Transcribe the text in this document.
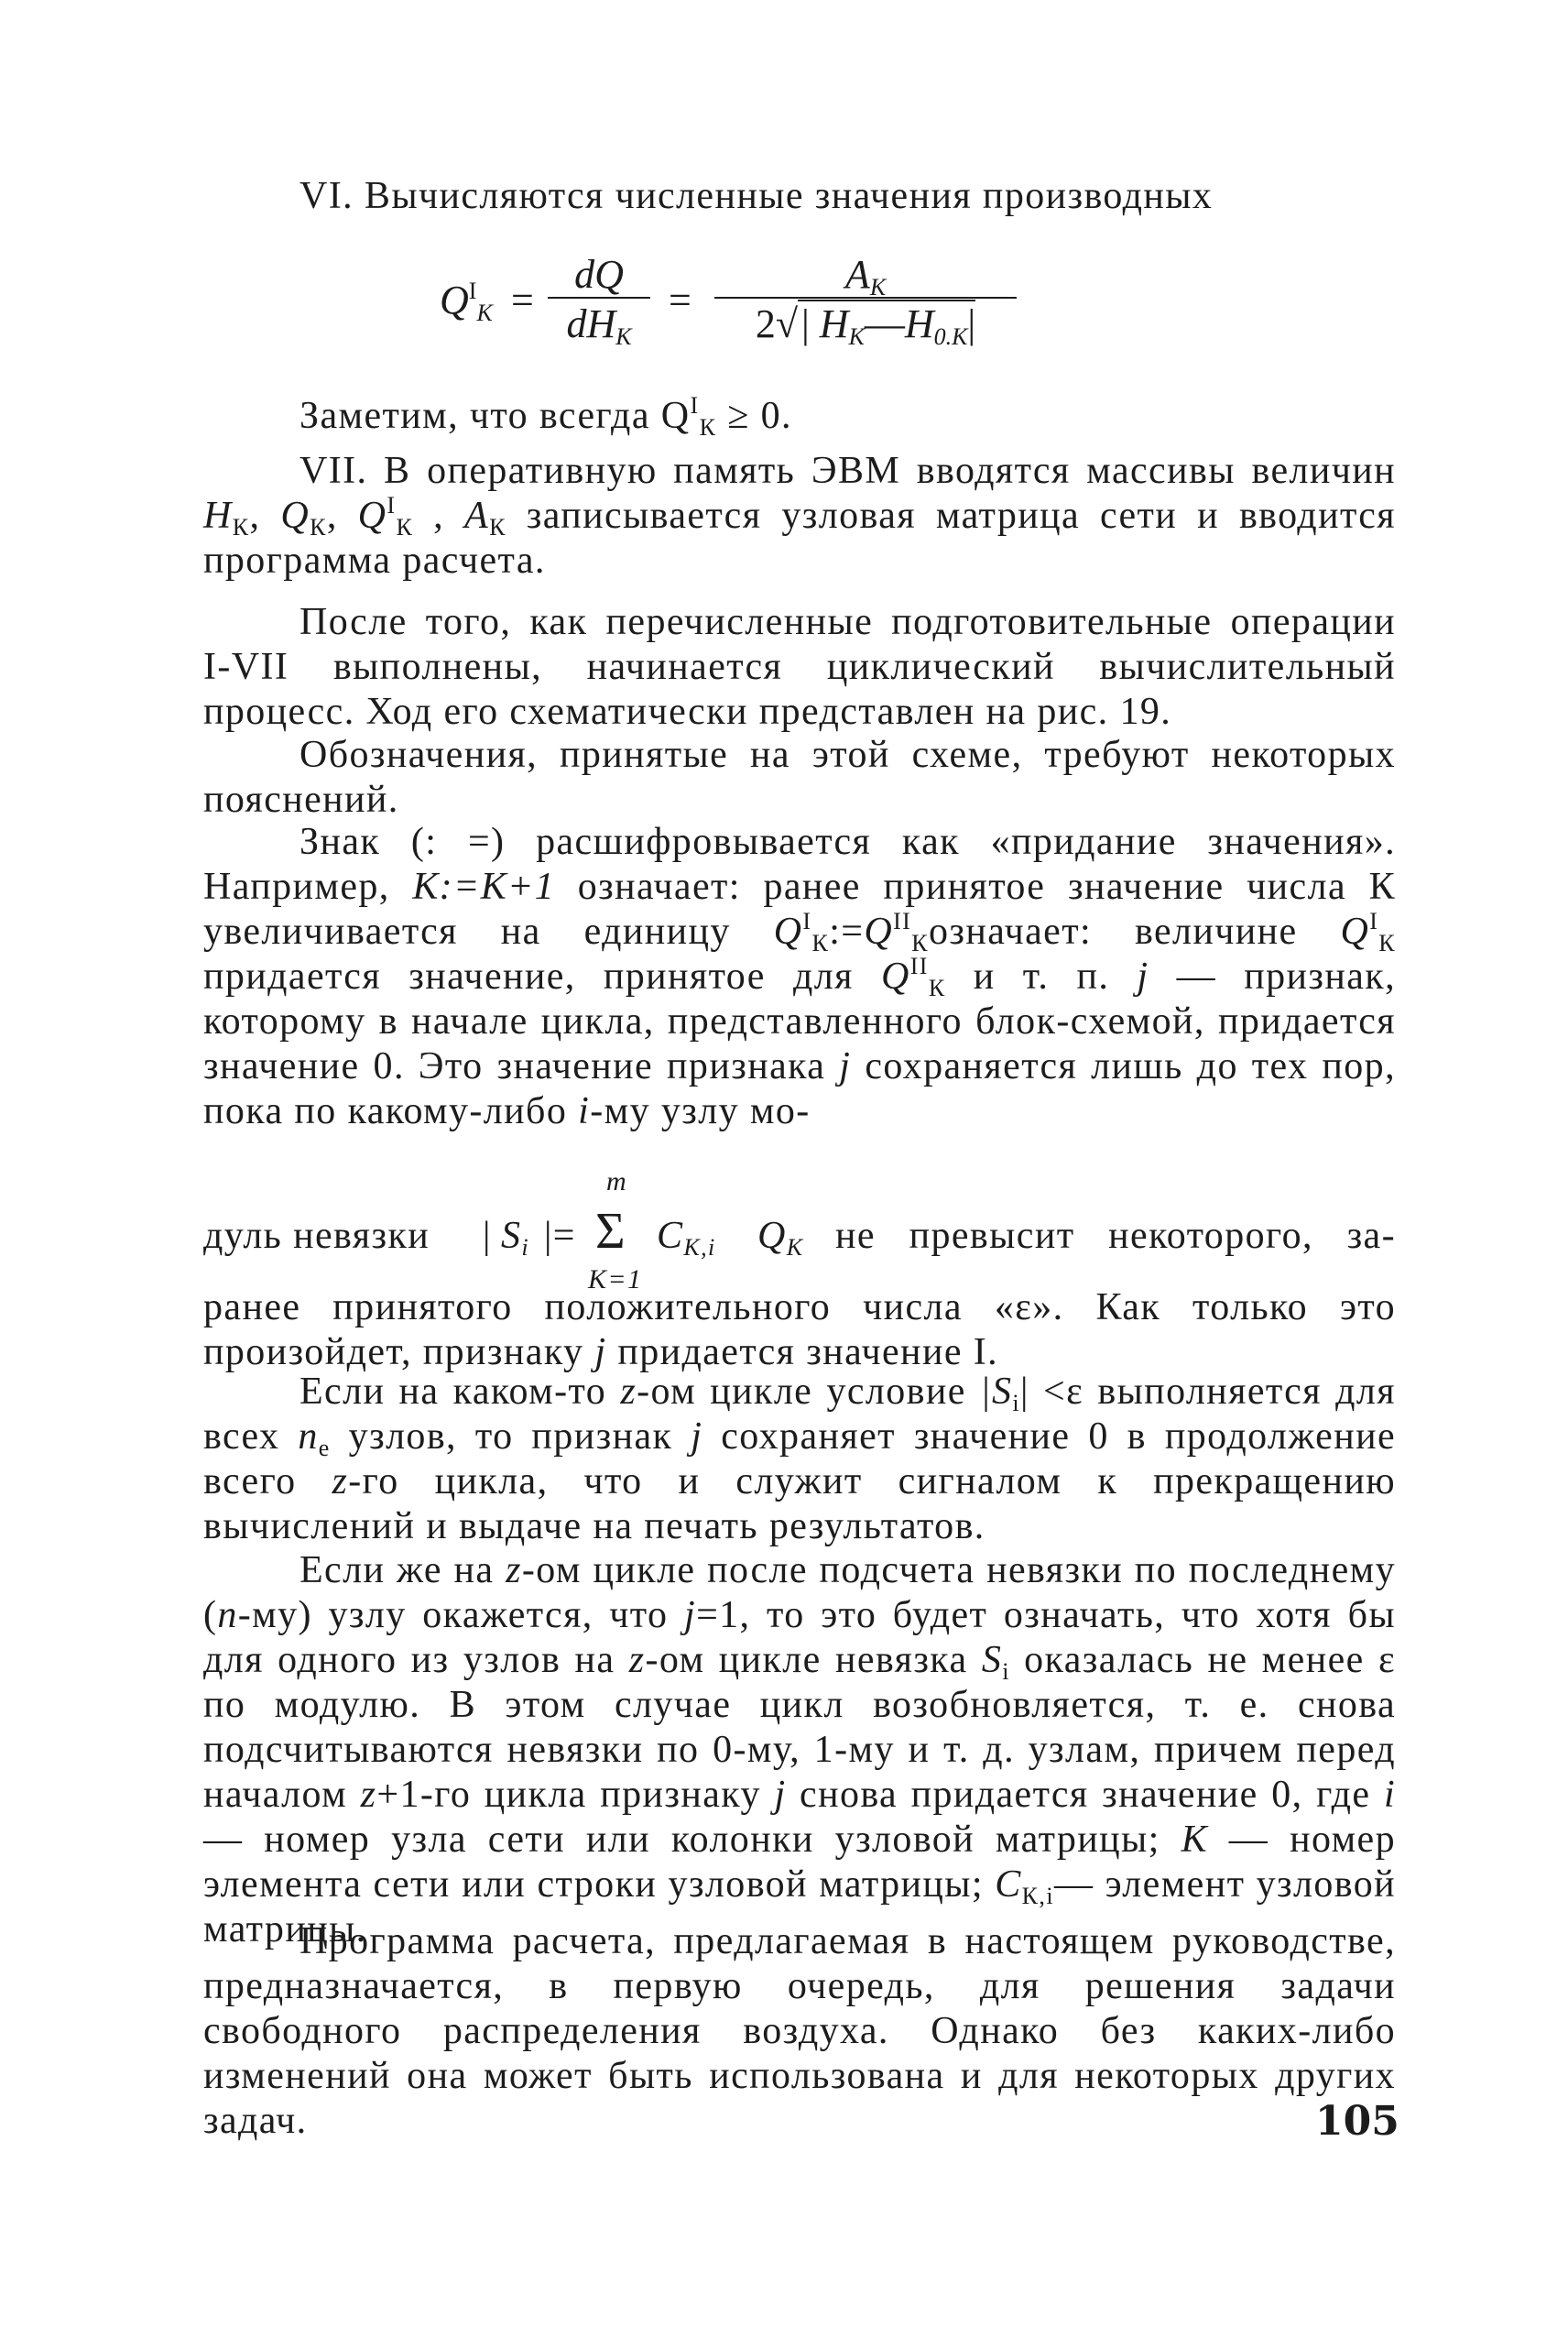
VI. Вычисляются численные значения производных

$Q^I_К$ =
dQ
$dH_К$
=
$A_К$
2√| $H_К—H_{0.К}|$

Заметим, что всегда $Q^I_К \ge 0$.

VII. В оперативную память ЭВМ вводятся массивы величин $H_К$, $Q_К$, $Q^I_К$ , $A_К$ записывается узловая матрица сети и вводится программа расчета.

После того, как перечисленные подготовительные операции I-VII выполнены, начинается циклический вычислительный процесс. Ход его схематически представлен на рис. 19.

Обозначения, принятые на этой схеме, требуют некоторых пояснений.

Знак (: =) расшифровывается как «придание значения». Например, К:=К+1 означает: ранее принятое значение числа К увеличивается на единицу $Q^I_К:=Q^{II}_Козначает$: величине $Q^I_К$ придается значение, принятое для $Q^{II}_К$ и т. п. j — признак, которому в начале цикла, представленного блок-схемой, придается значение 0. Это значение признака j сохраняется лишь до тех пор, пока по какому-либо i-му узлу мо-

дуль невязки | $S_i$ |=
m
Σ
К=1
$C_{К,i}$ $Q_К$ не превысит некоторого, за-

ранее принятого положительного числа «ε». Как только это произойдет, признаку j придается значение I.

Если на каком-то z-ом цикле условие $|S_i| <\varepsilon$ выполняется для всех $n_e$ узлов, то признак j сохраняет значение 0 в продолжение всего z-го цикла, что и служит сигналом к прекращению вычислений и выдаче на печать результатов.

Если же на z-ом цикле после подсчета невязки по последнему (n-му) узлу окажется, что j=1, то это будет означать, что хотя бы для одного из узлов на z-ом цикле невязка $S_i$ оказалась не менее ε по модулю. В этом случае цикл возобновляется, т. е. снова подсчитываются невязки по 0-му, 1-му и т. д. узлам, причем перед началом z+1-го цикла признаку j снова придается значение 0, где i — номер узла сети или колонки узловой матрицы; К — номер элемента сети или строки узловой матрицы; $C_{К,i}—$ элемент узловой матрицы.

Программа расчета, предлагаемая в настоящем руководстве, предназначается, в первую очередь, для решения задачи свободного распределения воздуха. Однако без каких-либо изменений она может быть использована и для некоторых других задач.	105
